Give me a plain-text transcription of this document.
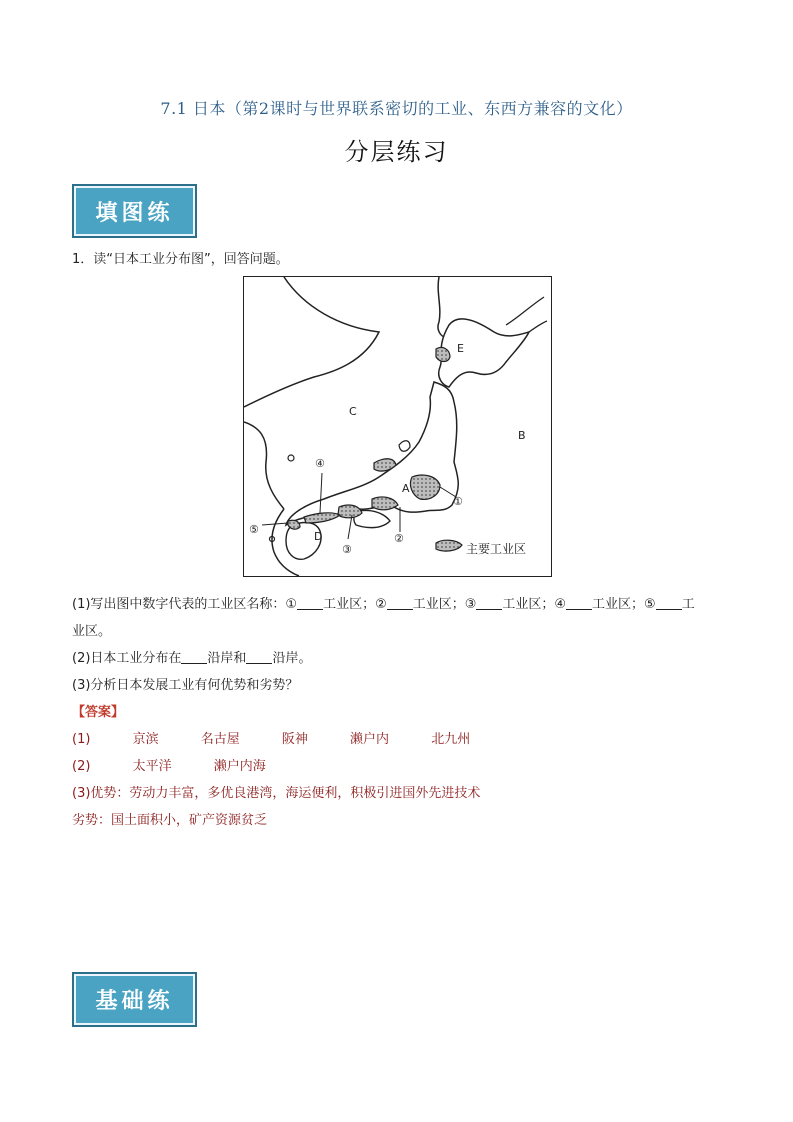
7.1 日本（第2课时与世界联系密切的工业、东西方兼容的文化）
分层练习
填图练
1．读“日本工业分布图”，回答问题。
E
C
B
A
D
①
②
③
④
⑤
主要工业区
(1)写出图中数字代表的工业区名称：① 工业区；② 工业区；③ 工业区；④ 工业区；⑤ 工
业区。
(2)日本工业分布在 沿岸和 沿岸。
(3)分析日本发展工业有何优势和劣势？
【答案】
(1)	京滨	名古屋	阪神	濑户内	北九州
(2)	太平洋	濑户内海
(3)优势：劳动力丰富，多优良港湾，海运便利，积极引进国外先进技术
劣势：国土面积小，矿产资源贫乏
基础练
